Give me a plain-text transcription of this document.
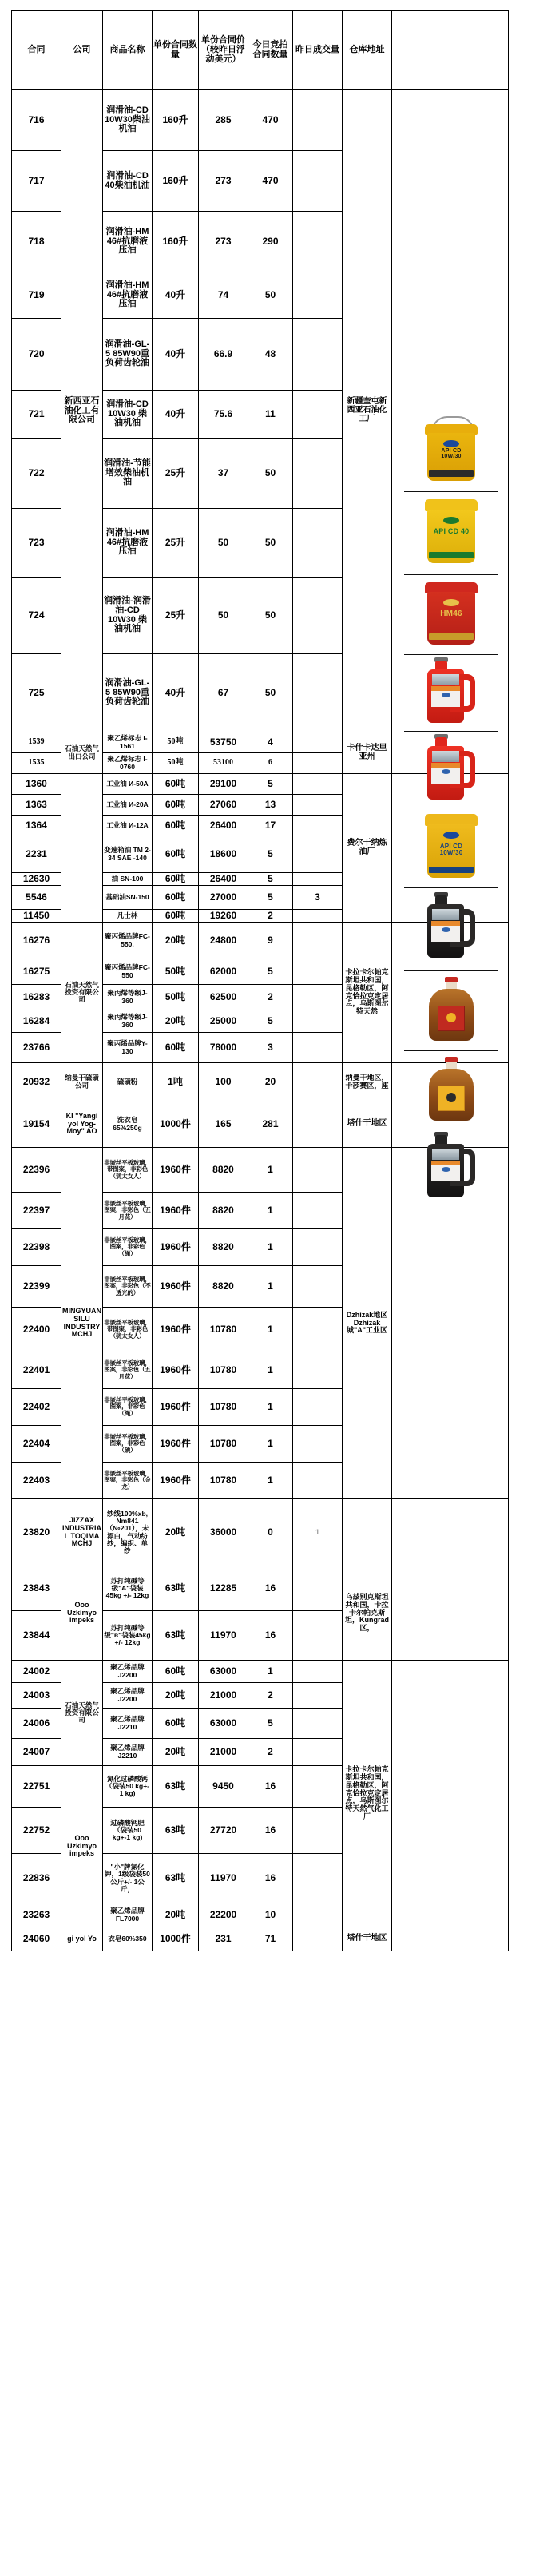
合同	公司	商品名称	单份合同数量	单份合同价（较昨日浮动美元）	今日竞拍合同数量	昨日成交量	仓库地址	
716	新西亚石油化工有限公司	润滑油-CD 10W30柴油机油	160升	285	470		新疆奎屯新西亚石油化工厂	API CD 10W/30
API CD 40
HM46
API CD 10W/30

717		润滑油-CD 40柴油机油	160升	273	470			
718		润滑油-HM 46#抗磨液压油	160升	273	290			
719		润滑油-HM 46#抗磨液压油	40升	74	50			
720		润滑油-GL-5 85W90重负荷齿轮油	40升	66.9	48			
721		润滑油-CD 10W30 柴油机油	40升	75.6	11			
722		润滑油-节能增效柴油机油	25升	37	50			
723		润滑油-HM 46#抗磨液压油	25升	50	50			
724		润滑油-润滑油-CD 10W30 柴油机油	25升	50	50			
725		润滑油-GL-5 85W90重负荷齿轮油	40升	67	50			
1539	石油天然气出口公司	聚乙烯标志 I-1561	50吨	53750	4		卡什卡达里亚州	
1535		聚乙烯标志 I-0760	50吨	53100	6			
1360		工业油 И-50А	60吨	29100	5		费尔干纳炼油厂	
1363		工业油 И-20А	60吨	27060	13			
1364		工业油 И-12А	60吨	26400	17			
2231		变速箱油 TM 2-34 SAE -140	60吨	18600	5			
12630		油 SN-100	60吨	26400	5			
5546		基础油SN-150	60吨	27000	5	3		
11450		凡士林	60吨	19260	2			
16276	石油天然气投资有限公司	聚丙烯品牌FC-550,	20吨	24800	9		卡拉卡尔帕克斯坦共和国，昆格勒区，阿克恰拉克定居点，乌斯图尔特天然	
16275		聚丙烯品牌FC-550	50吨	62000	5			
16283		聚丙烯等级J-360	50吨	62500	2			
16284		聚丙烯等级J-360	20吨	25000	5			
23766		聚丙烯品牌Y-130	60吨	78000	3			
20932	纳曼干硫磺公司	硫磺粉	1吨	100	20		纳曼干地区，卡莎赛区，座	
19154	KI "Yangi yol Yog-Moy" AO	洗衣皂65%250g	1000件	165	281		塔什干地区	
22396	MINGYUAN SILU INDUSTRY MCHJ	非嵌丝平板玻璃，带图案，非彩色（犹太女人）	1960件	8820	1		Dzhizak地区 Dzhizak城"A"工业区	
22397		非嵌丝平板玻璃，图案，非彩色（五月花）	1960件	8820	1			
22398		非嵌丝平板玻璃，图案，非彩色（绳）	1960件	8820	1			
22399		非嵌丝平板玻璃，图案，非彩色（不透光的）	1960件	8820	1			
22400		非嵌丝平板玻璃，带图案，非彩色（犹太女人）	1960件	10780	1			
22401		非嵌丝平板玻璃，图案，非彩色（五月花）	1960件	10780	1			
22402		非嵌丝平板玻璃，图案，非彩色（绳）	1960件	10780	1			
22404		非嵌丝平板玻璃，图案，非彩色（碘）	1960件	10780	1			
22403		非嵌丝平板玻璃，图案，非彩色（金龙）	1960件	10780	1			
23820	JIZZAX INDUSTRIAL TOQIMA MCHJ	纱线100%xb, Nm841（№201），未漂白，气动纺纱，编织、单纱	20吨	36000	0	1		
23843	Ooo Uzkimyo impeks	苏打纯碱等级"A"袋装45kg +/- 12kg	63吨	12285	16		乌兹别克斯坦共和国，卡拉卡尔帕克斯坦，Kungrad区，	
23844		苏打纯碱等级"в"袋装45kg +/- 12kg	63吨	11970	16			
24002	石油天然气投资有限公司	聚乙烯品牌J2200	60吨	63000	1		卡拉卡尔帕克斯坦共和国，昆格勒区，阿克恰拉克定居点，乌斯图尔特天然气化工厂	
24003		聚乙烯品牌J2200	20吨	21000	2			
24006		聚乙烯品牌J2210	60吨	63000	5			
24007		聚乙烯品牌J2210	20吨	21000	2			
22751	Ooo Uzkimyo impeks	氮化过磷酸钙（袋装50 kg+- 1 kg)	63吨	9450	16			
22752		过磷酸钙肥（袋装50 kg+-1 kg)	63吨	27720	16			
22836		"小"牌氯化钾，1级袋装50公斤+/- 1公斤，	63吨	11970	16			
23263		聚乙烯品牌FL7000	20吨	22200	10			
24060	gi yol Yo	衣皂60%350	1000件	231	71		塔什干地区	
